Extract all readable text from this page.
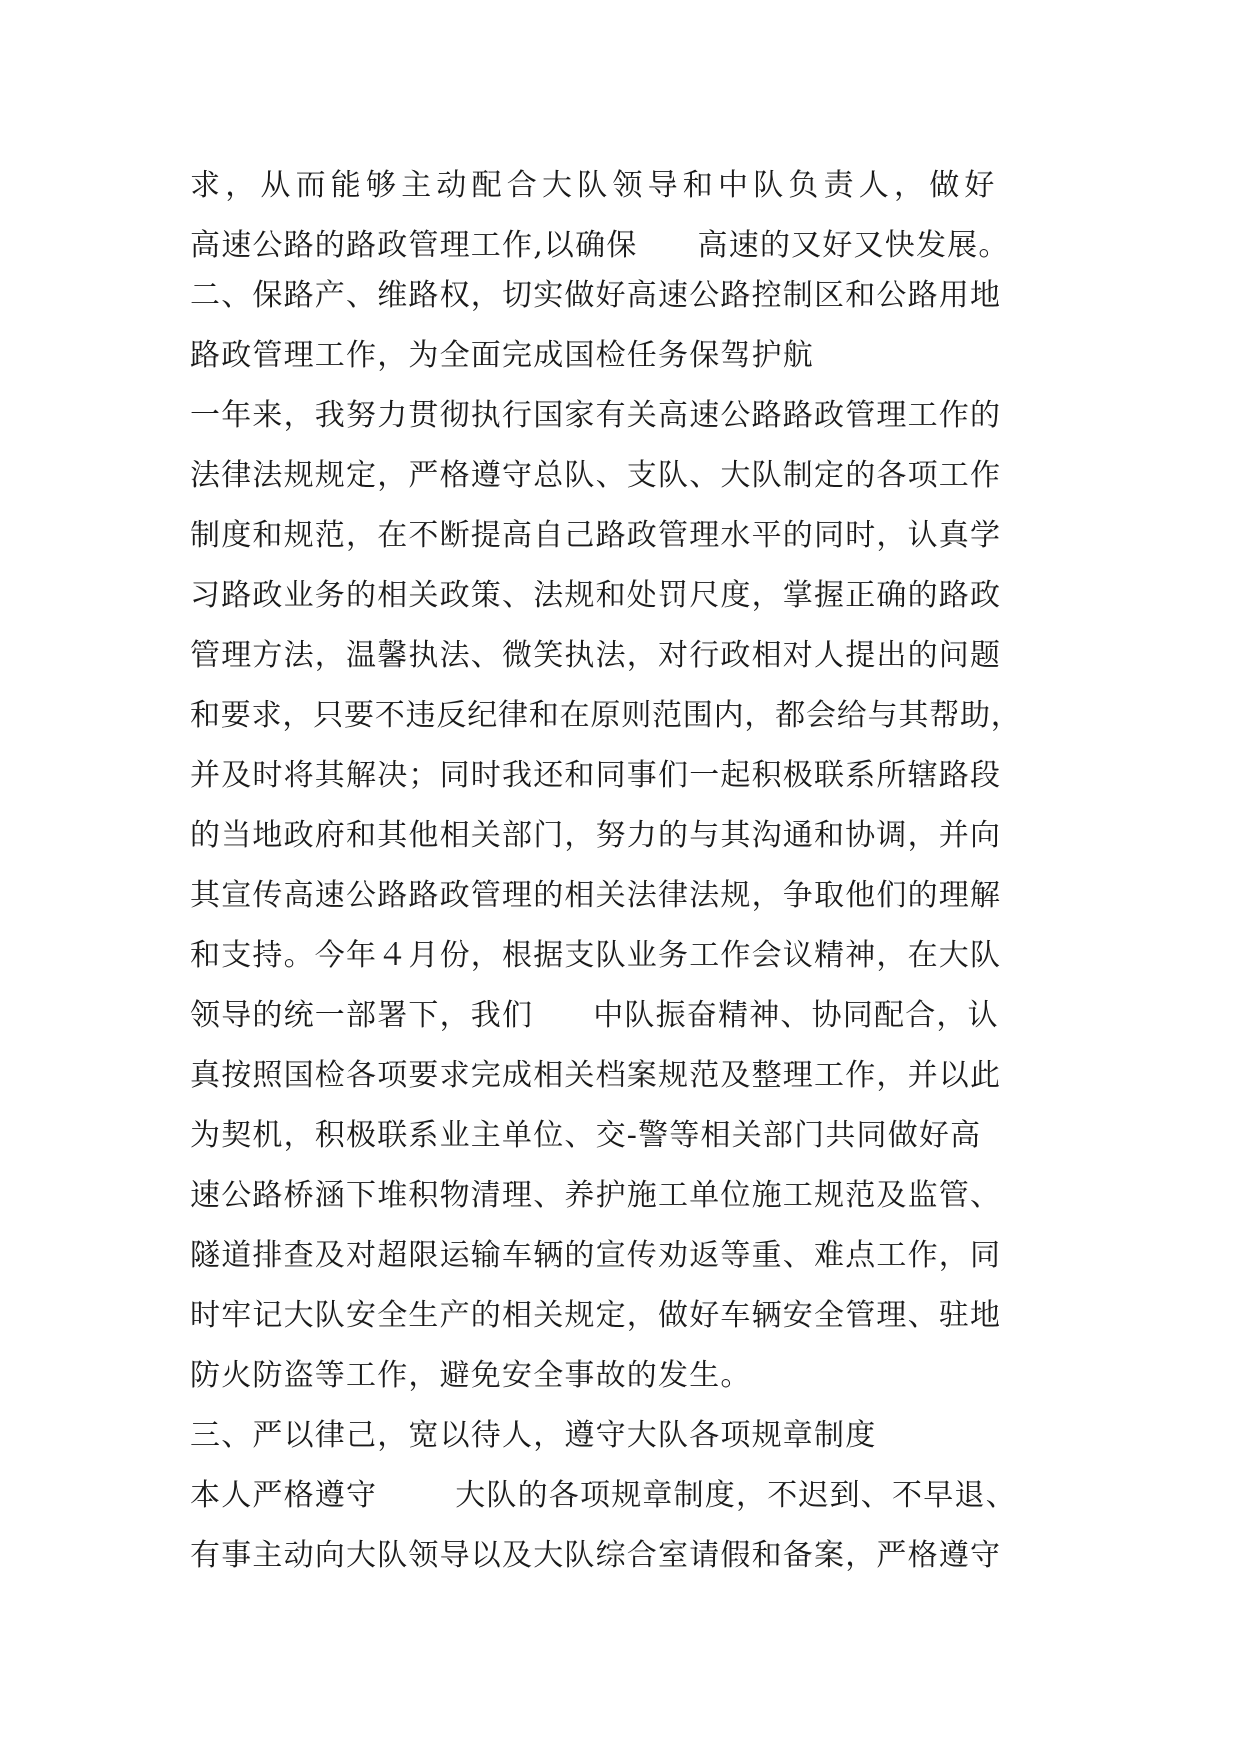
求，从而能够主动配合大队领导和中队负责人，做好
高速公路的路政管理工作,以确保 高速的又好又快发展。
二、保路产、维路权，切实做好高速公路控制区和公路用地
路政管理工作，为全面完成国检任务保驾护航
一年来，我努力贯彻执行国家有关高速公路路政管理工作的
法律法规规定，严格遵守总队、支队、大队制定的各项工作
制度和规范，在不断提高自己路政管理水平的同时，认真学
习路政业务的相关政策、法规和处罚尺度，掌握正确的路政
管理方法，温馨执法、微笑执法，对行政相对人提出的问题
和要求，只要不违反纪律和在原则范围内，都会给与其帮助，
并及时将其解决；同时我还和同事们一起积极联系所辖路段
的当地政府和其他相关部门，努力的与其沟通和协调，并向
其宣传高速公路路政管理的相关法律法规，争取他们的理解
和支持。今年４月份，根据支队业务工作会议精神，在大队
领导的统一部署下，我们 中队振奋精神、协同配合，认
真按照国检各项要求完成相关档案规范及整理工作，并以此
为契机，积极联系业主单位、交-警等相关部门共同做好高
速公路桥涵下堆积物清理、养护施工单位施工规范及监管、
隧道排查及对超限运输车辆的宣传劝返等重、难点工作，同
时牢记大队安全生产的相关规定，做好车辆安全管理、驻地
防火防盗等工作，避免安全事故的发生。
三、严以律己，宽以待人，遵守大队各项规章制度
本人严格遵守	大队的各项规章制度，不迟到、不早退、
有事主动向大队领导以及大队综合室请假和备案，严格遵守
